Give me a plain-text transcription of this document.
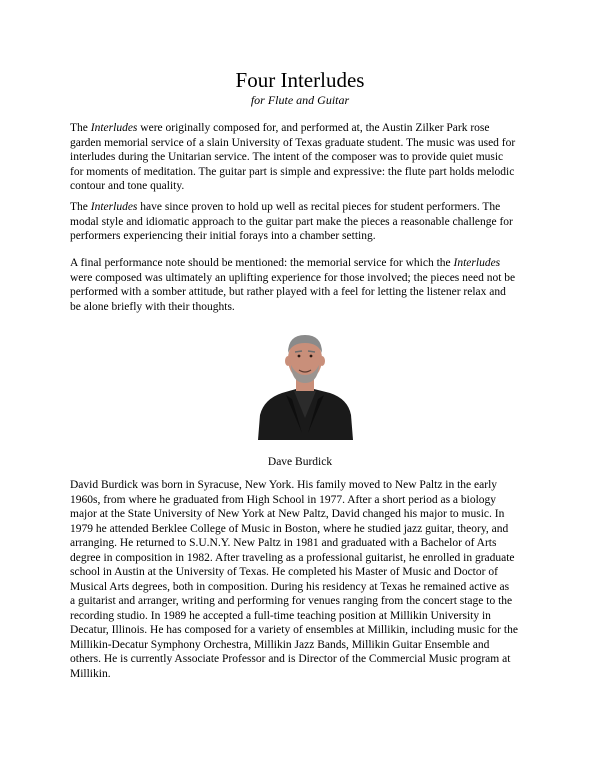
Four Interludes
for Flute and Guitar

The Interludes were originally composed for, and performed at, the Austin Zilker Park rose
garden memorial service of a slain University of Texas graduate student. The music was used for
interludes during the Unitarian service. The intent of the composer was to provide quiet music
for moments of meditation. The guitar part is simple and expressive: the flute part holds melodic
contour and tone quality.

The Interludes have since proven to hold up well as recital pieces for student performers. The
modal style and idiomatic approach to the guitar part make the pieces a reasonable challenge for
performers experiencing their initial forays into a chamber setting.

A final performance note should be mentioned: the memorial service for which the Interludes
were composed was ultimately an uplifting experience for those involved; the pieces need not be
performed with a somber attitude, but rather played with a feel for letting the listener relax and
be alone briefly with their thoughts.

Dave Burdick

David Burdick was born in Syracuse, New York. His family moved to New Paltz in the early
1960s, from where he graduated from High School in 1977. After a short period as a biology
major at the State University of New York at New Paltz, David changed his major to music. In
1979 he attended Berklee College of Music in Boston, where he studied jazz guitar, theory, and
arranging. He returned to S.U.N.Y. New Paltz in 1981 and graduated with a Bachelor of Arts
degree in composition in 1982. After traveling as a professional guitarist, he enrolled in graduate
school in Austin at the University of Texas. He completed his Master of Music and Doctor of
Musical Arts degrees, both in composition. During his residency at Texas he remained active as
a guitarist and arranger, writing and performing for venues ranging from the concert stage to the
recording studio. In 1989 he accepted a full-time teaching position at Millikin University in
Decatur, Illinois. He has composed for a variety of ensembles at Millikin, including music for the
Millikin-Decatur Symphony Orchestra, Millikin Jazz Bands, Millikin Guitar Ensemble and
others. He is currently Associate Professor and is Director of the Commercial Music program at
Millikin.
